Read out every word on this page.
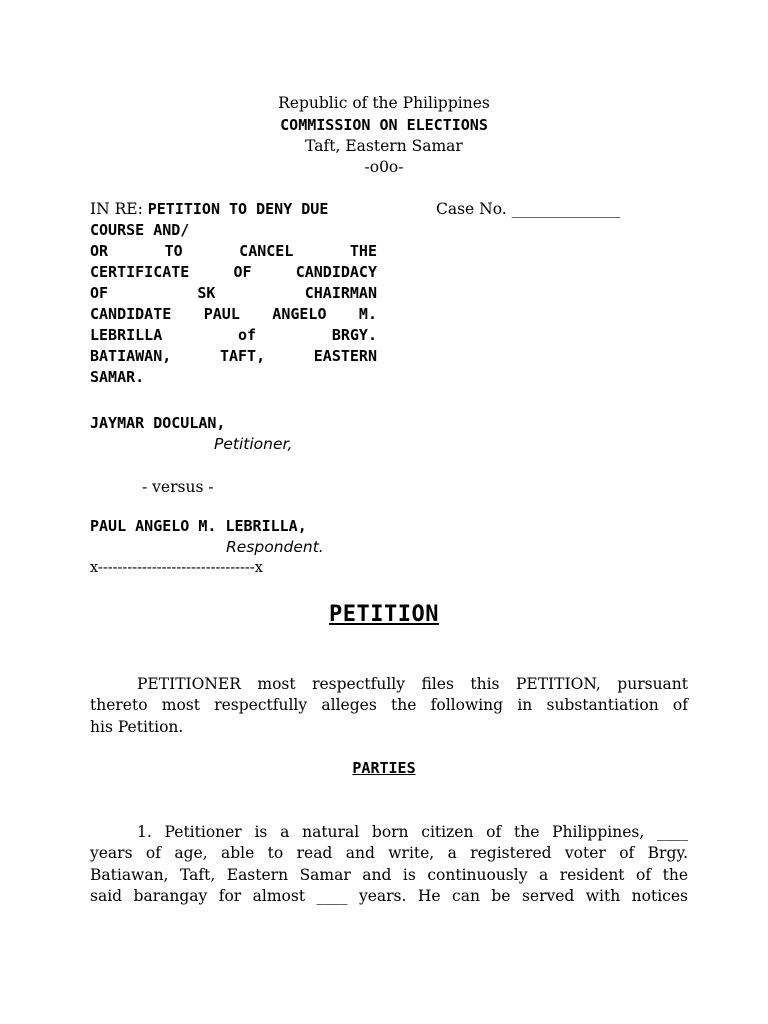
Republic of the Philippines
COMMISSION ON ELECTIONS
Taft, Eastern Samar
-o0o-
IN RE: PETITION TO DENY DUE
COURSE AND/
OR TO CANCEL THE
CERTIFICATE OF CANDIDACY
OF SK CHAIRMAN
CANDIDATE PAUL ANGELO M.
LEBRILLA of BRGY.
BATIAWAN, TAFT, EASTERN
SAMAR.
Case No. ______________
JAYMAR DOCULAN,
Petitioner,
- versus -
PAUL ANGELO M. LEBRILLA,
Respondent.
x--------------------------------x
PETITION
PETITIONER most respectfully files this PETITION, pursuant
thereto most respectfully alleges the following in substantiation of
his Petition.
PARTIES
1. Petitioner is a natural born citizen of the Philippines, ____
years of age, able to read and write, a registered voter of Brgy.
Batiawan, Taft, Eastern Samar and is continuously a resident of the
said barangay for almost ____ years. He can be served with notices
